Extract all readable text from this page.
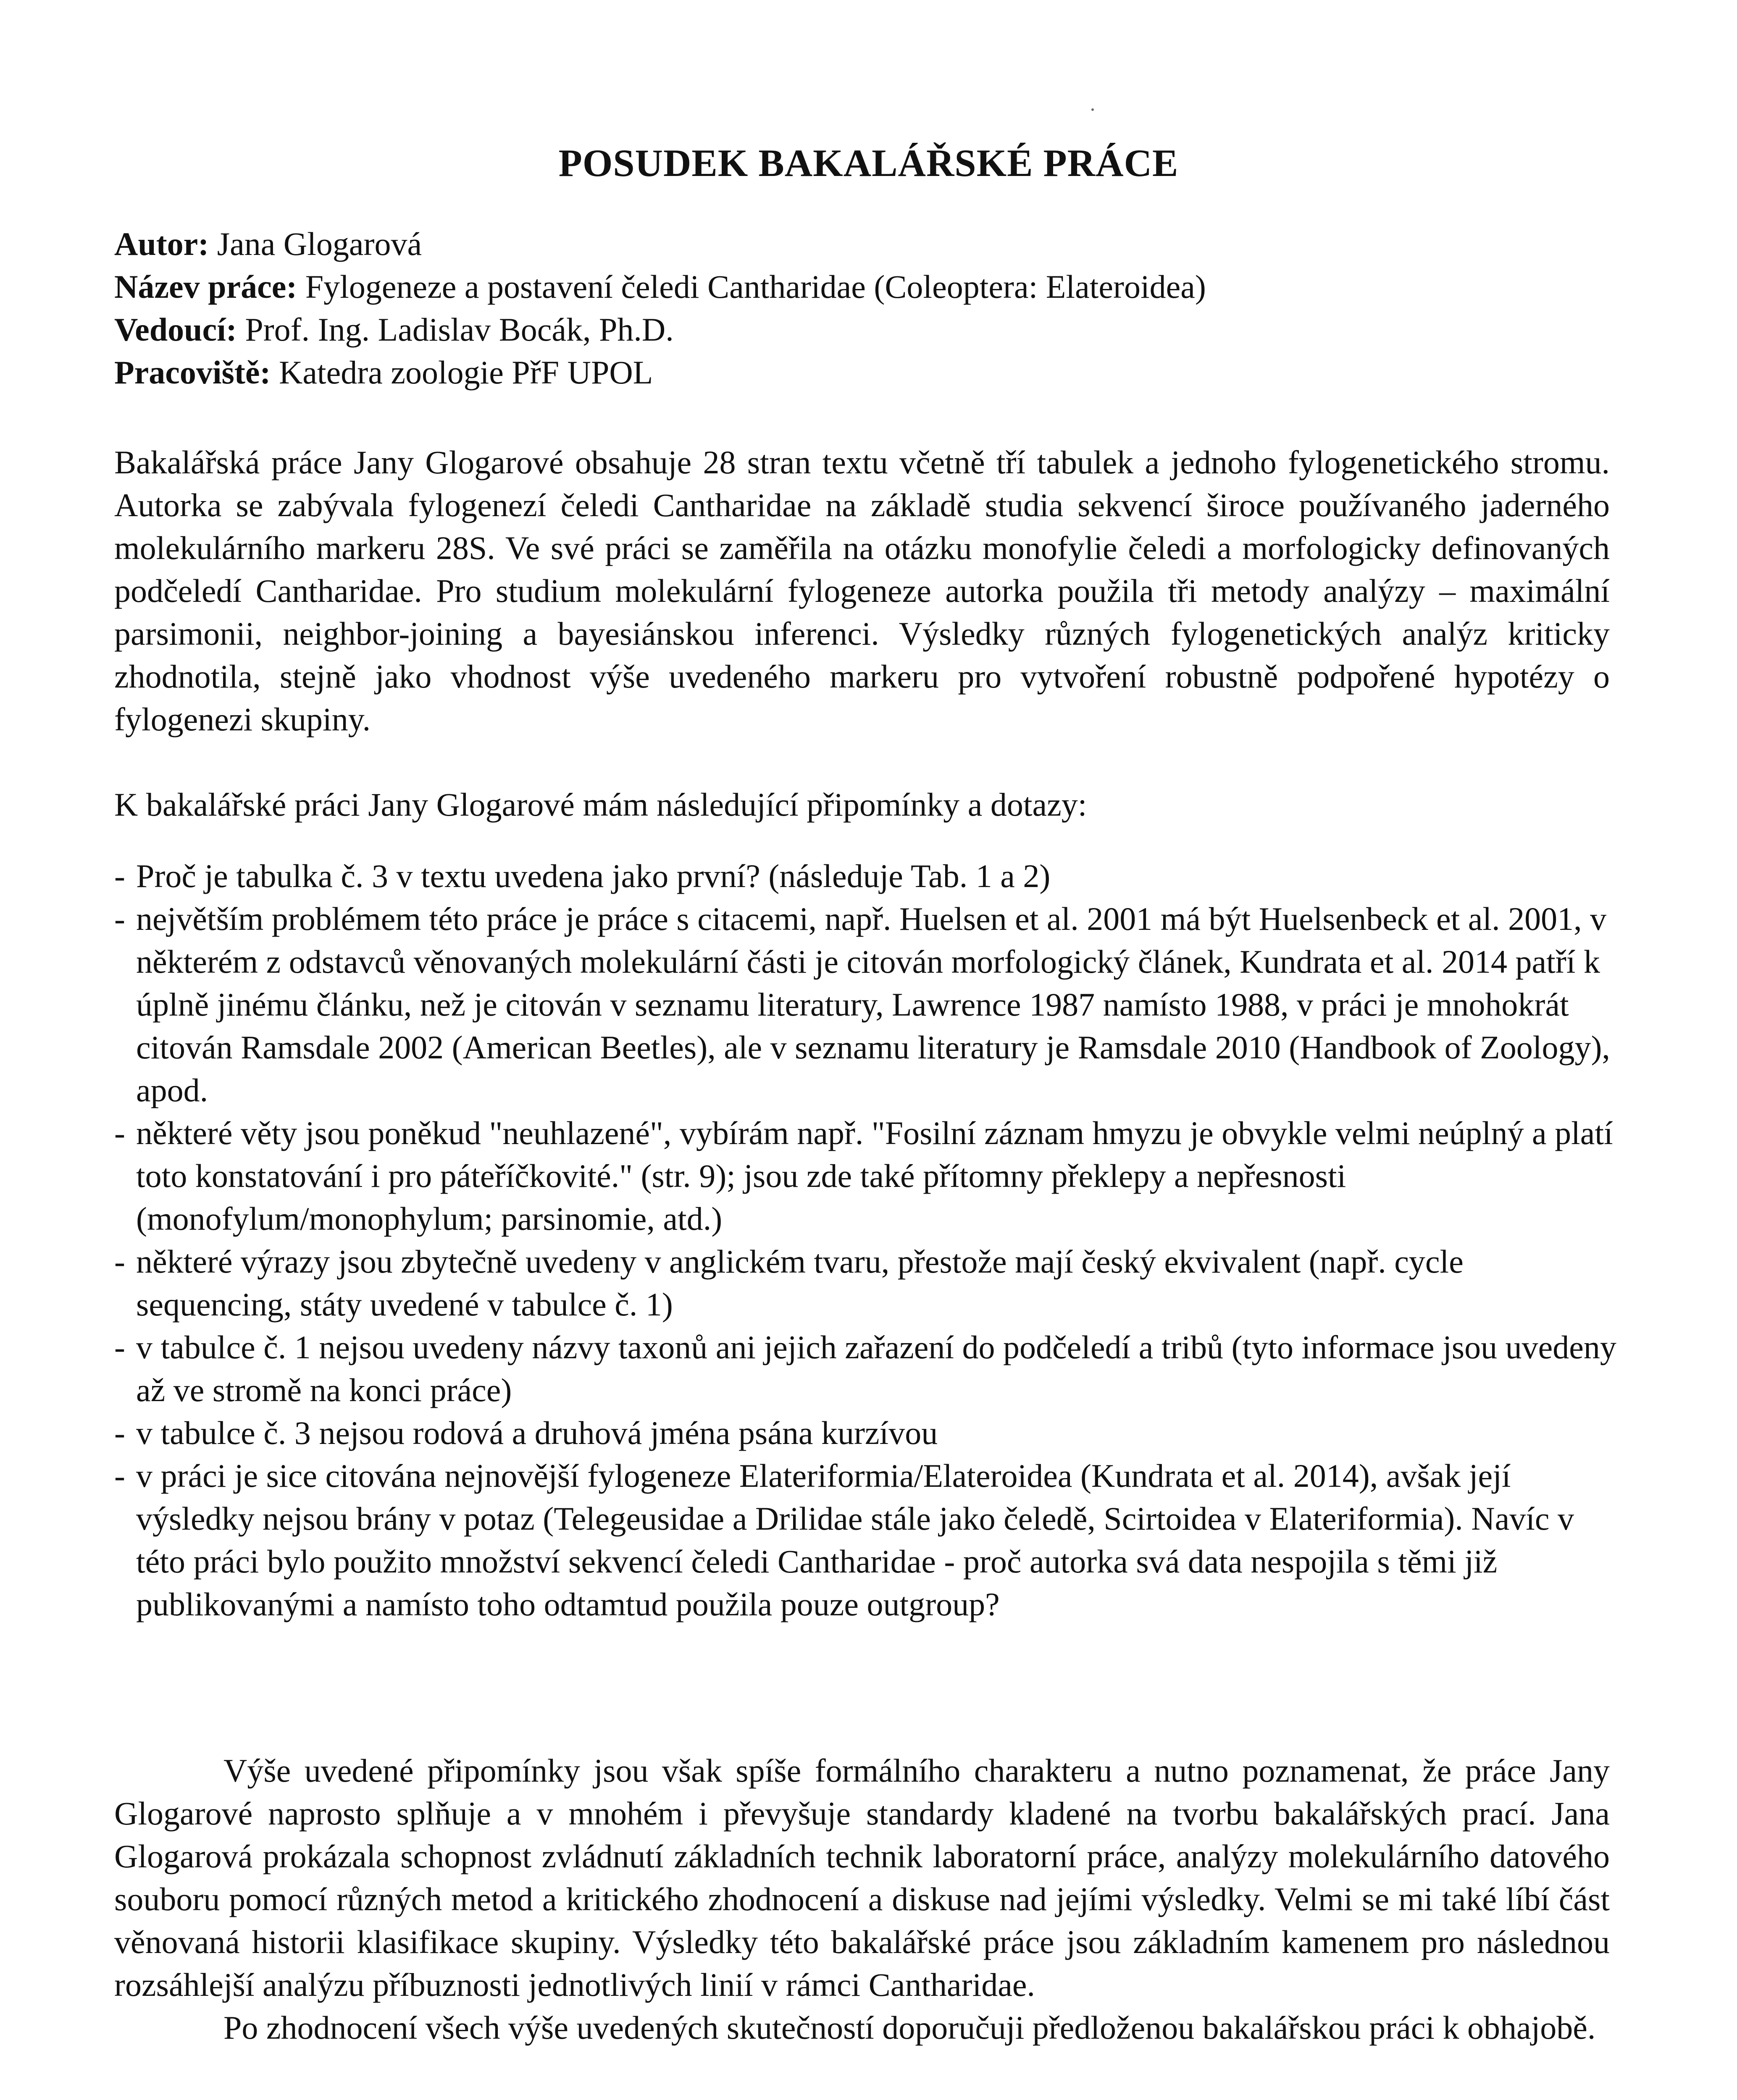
POSUDEK BAKALÁŘSKÉ PRÁCE
Autor: Jana Glogarová
Název práce: Fylogeneze a postavení čeledi Cantharidae (Coleoptera: Elateroidea)
Vedoucí: Prof. Ing. Ladislav Bocák, Ph.D.
Pracoviště: Katedra zoologie PřF UPOL
Bakalářská práce Jany Glogarové obsahuje 28 stran textu včetně tří tabulek a jednoho fylogenetického stromu. Autorka se zabývala fylogenezí čeledi Cantharidae na základě studia sekvencí široce používaného jaderného molekulárního markeru 28S. Ve své práci se zaměřila na otázku monofylie čeledi a morfologicky definovaných podčeledí Cantharidae. Pro studium molekulární fylogeneze autorka použila tři metody analýzy – maximální parsimonii, neighbor-joining a bayesiánskou inferenci. Výsledky různých fylogenetických analýz kriticky zhodnotila, stejně jako vhodnost výše uvedeného markeru pro vytvoření robustně podpořené hypotézy o fylogenezi skupiny.
K bakalářské práci Jany Glogarové mám následující připomínky a dotazy:
- Proč je tabulka č. 3 v textu uvedena jako první? (následuje Tab. 1 a 2)
- největším problémem této práce je práce s citacemi, např. Huelsen et al. 2001 má být Huelsenbeck et al. 2001, v některém z odstavců věnovaných molekulární části je citován morfologický článek, Kundrata et al. 2014 patří k úplně jinému článku, než je citován v seznamu literatury, Lawrence 1987 namísto 1988, v práci je mnohokrát citován Ramsdale 2002 (American Beetles), ale v seznamu literatury je Ramsdale 2010 (Handbook of Zoology), apod.
- některé věty jsou poněkud "neuhlazené", vybírám např. "Fosilní záznam hmyzu je obvykle velmi neúplný a platí toto konstatování i pro páteříčkovité." (str. 9); jsou zde také přítomny překlepy a nepřesnosti (monofylum/monophylum; parsinomie, atd.)
- některé výrazy jsou zbytečně uvedeny v anglickém tvaru, přestože mají český ekvivalent (např. cycle sequencing, státy uvedené v tabulce č. 1)
- v tabulce č. 1 nejsou uvedeny názvy taxonů ani jejich zařazení do podčeledí a tribů (tyto informace jsou uvedeny až ve stromě na konci práce)
- v tabulce č. 3 nejsou rodová a druhová jména psána kurzívou
- v práci je sice citována nejnovější fylogeneze Elateriformia/Elateroidea (Kundrata et al. 2014), avšak její výsledky nejsou brány v potaz (Telegeusidae a Drilidae stále jako čeledě, Scirtoidea v Elateriformia). Navíc v této práci bylo použito množství sekvencí čeledi Cantharidae - proč autorka svá data nespojila s těmi již publikovanými a namísto toho odtamtud použila pouze outgroup?
Výše uvedené připomínky jsou však spíše formálního charakteru a nutno poznamenat, že práce Jany Glogarové naprosto splňuje a v mnohém i převyšuje standardy kladené na tvorbu bakalářských prací. Jana Glogarová prokázala schopnost zvládnutí základních technik laboratorní práce, analýzy molekulárního datového souboru pomocí různých metod a kritického zhodnocení a diskuse nad jejími výsledky. Velmi se mi také líbí část věnovaná historii klasifikace skupiny. Výsledky této bakalářské práce jsou základním kamenem pro následnou rozsáhlejší analýzu příbuznosti jednotlivých linií v rámci Cantharidae.
Po zhodnocení všech výše uvedených skutečností doporučuji předloženou bakalářskou práci k obhajobě.
